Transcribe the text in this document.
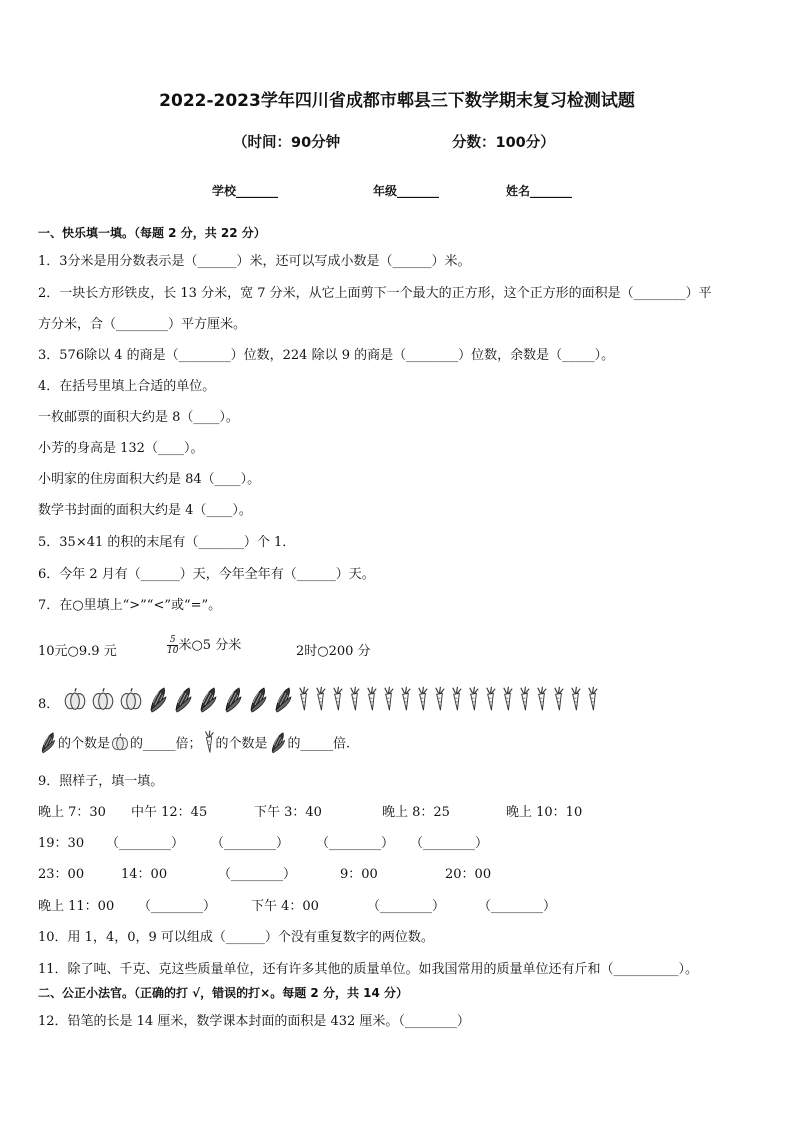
2022-2023学年四川省成都市郫县三下数学期末复习检测试题
（时间：90分钟	分数：100分）
学校_______	年级_______	姓名_______
一、快乐填一填。（每题 2 分，共 22 分）
1．3分米是用分数表示是（______）米，还可以写成小数是（______）米。
2．一块长方形铁皮，长 13 分米，宽 7 分米，从它上面剪下一个最大的正方形，这个正方形的面积是（________）平
方分米，合（________）平方厘米。
3．576除以 4 的商是（________）位数，224 除以 9 的商是（________）位数，余数是（_____）。
4．在括号里填上合适的单位。
一枚邮票的面积大约是 8（____）。
小芳的身高是 132（____）。
小明家的住房面积大约是 84（____）。
数学书封面的面积大约是 4（____）。
5．35×41 的积的末尾有（_______）个 1．
6．今年 2 月有（______）天，今年全年有（______）天。
7．在○里填上“>”“<”或“=”。
10元○9.9 元	$\frac{5}{10}$ 米○5 分米	2时○200 分
8．
的个数是 的_____倍； 的个数是 的_____倍.
9．照样子，填一填。
晚上 7：30 中午 12：45	下午 3：40	晚上 8：25	晚上 10：10
19：30 （________） （________） （________） （________）
23：00	14：00	（________）	9：00	20：00
晚上 11：00 （________）	下午 4：00	（________）	（________）
10．用 1，4，0，9 可以组成（______）个没有重复数字的两位数。
11．除了吨、千克、克这些质量单位，还有许多其他的质量单位。如我国常用的质量单位还有斤和（__________）。
二、公正小法官。（正确的打 √，错误的打×。每题 2 分，共 14 分）
12．铅笔的长是 14 厘米，数学课本封面的面积是 432 厘米。（________）
